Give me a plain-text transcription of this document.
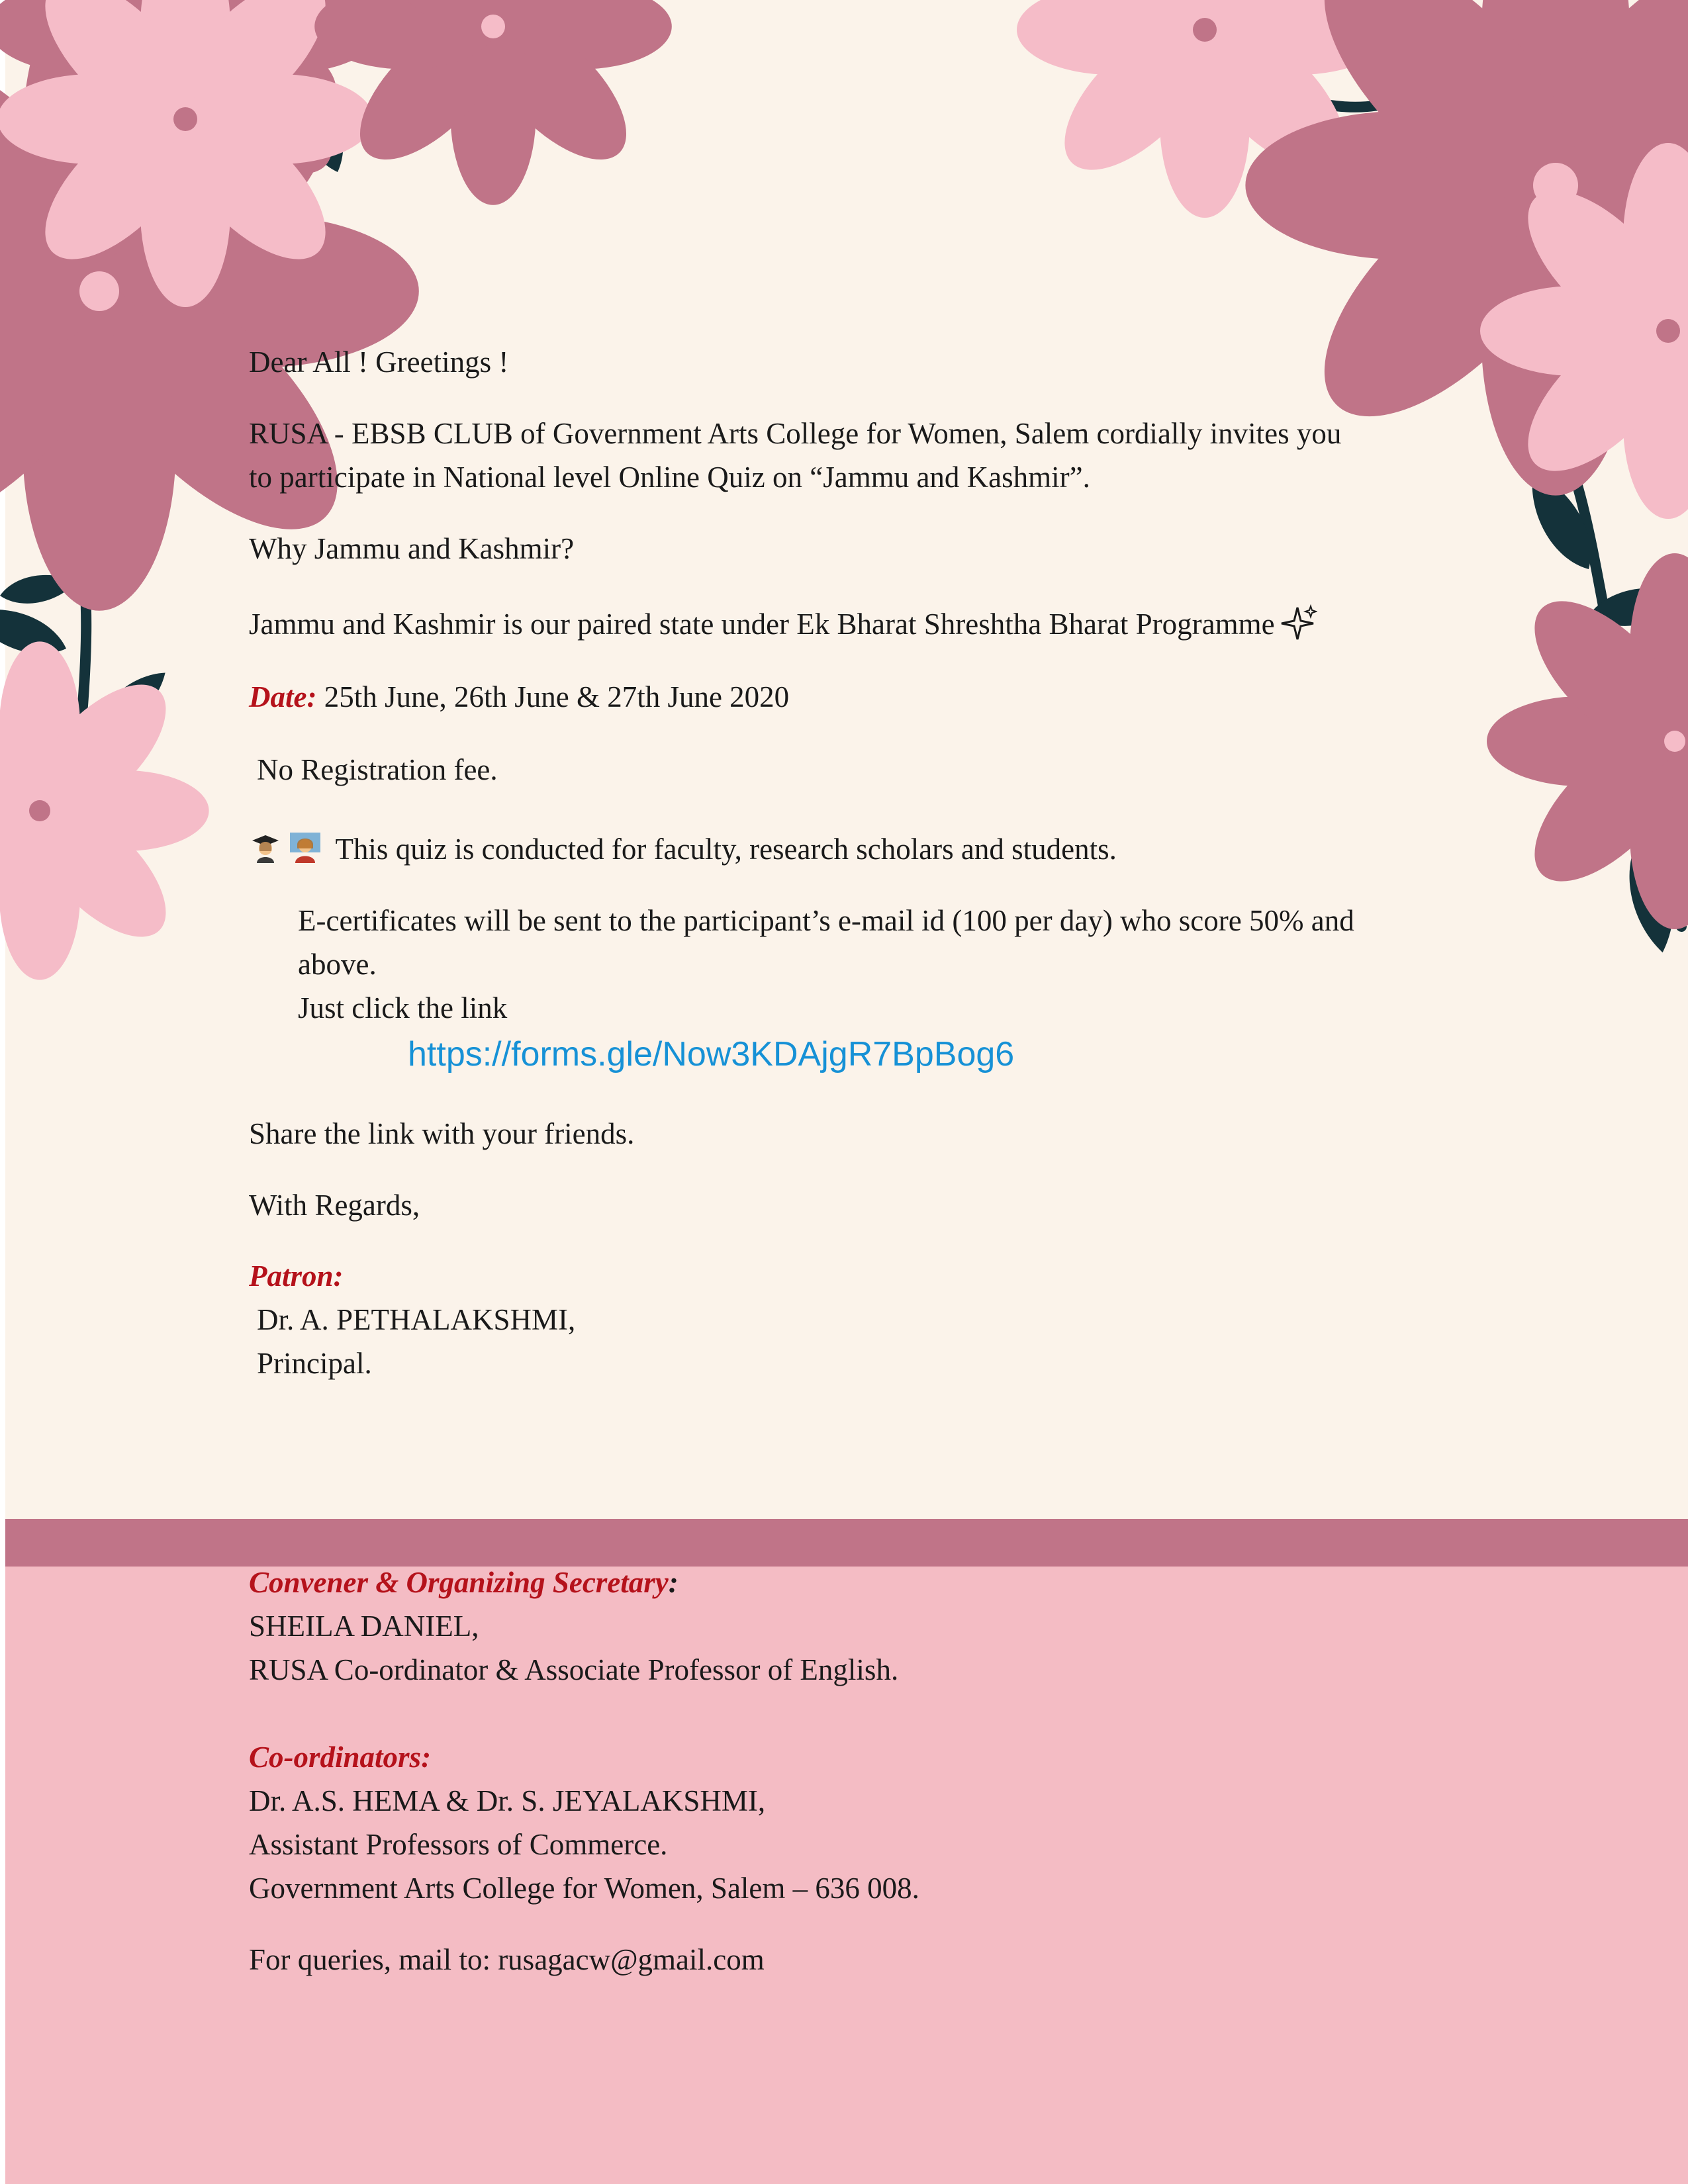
Dear All ! Greetings !

RUSA - EBSB CLUB of Government Arts College for Women, Salem cordially invites you

to participate in National level Online Quiz on “Jammu and Kashmir”.

Why Jammu and Kashmir?

Jammu and Kashmir is our paired state under Ek Bharat Shreshtha Bharat Programme

Date: 25th June, 26th June & 27th June 2020

No Registration fee.

This quiz is conducted for faculty, research scholars and students.

E-certificates will be sent to the participant’s e-mail id (100 per day) who score 50% and

above.

Just click the link

https://forms.gle/Now3KDAjgR7BpBog6

Share the link with your friends.

With Regards,

Patron:

Dr. A. PETHALAKSHMI,

Principal.

Convener & Organizing Secretary:

SHEILA DANIEL,

RUSA Co-ordinator & Associate Professor of English.

Co-ordinators:

Dr. A.S. HEMA & Dr. S. JEYALAKSHMI,

Assistant Professors of Commerce.

Government Arts College for Women, Salem – 636 008.

For queries, mail to: rusagacw@gmail.com
